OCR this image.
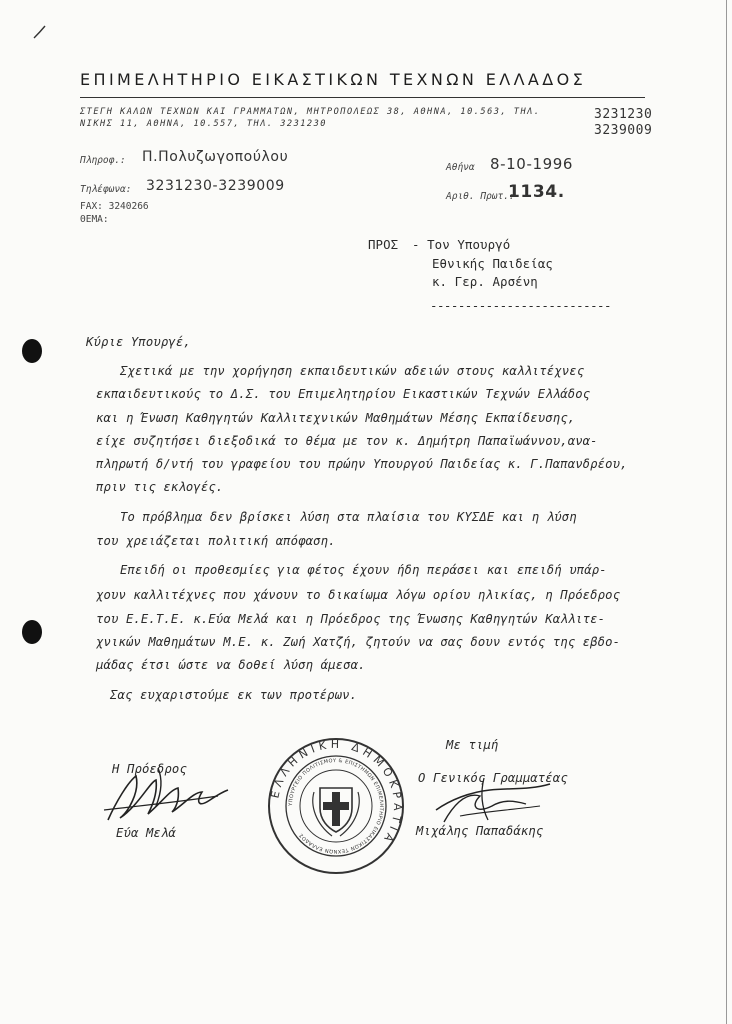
ΕΠΙΜΕΛΗΤΗΡΙΟ ΕΙΚΑΣΤΙΚΩΝ ΤΕΧΝΩΝ ΕΛΛΑΔΟΣ
ΣΤΕΓΗ ΚΑΛΩΝ ΤΕΧΝΩΝ ΚΑΙ ΓΡΑΜΜΑΤΩΝ, ΜΗΤΡΟΠΟΛΕΩΣ 38, ΑΘΗΝΑ, 10.563, ΤΗΛ.
ΝΙΚΗΣ 11, ΑΘΗΝΑ, 10.557, ΤΗΛ. 3231230
3231230
3239009
Πληροφ.: Π.Πολυζωγοπούλου
Αθήνα 8-10-1996
Τηλέφωνα: 3231230-3239009
Αριθ. Πρωτ.:
1134.
FAX: 3240266
ΘΕΜΑ:
ΠΡΟΣ - Τον Υπουργό
Εθνικής Παιδείας
κ. Γερ. Αρσένη
--------------------------
Κύριε Υπουργέ,
Σχετικά με την χορήγηση εκπαιδευτικών αδειών στους καλλιτέχνες
εκπαιδευτικούς το Δ.Σ. του Επιμελητηρίου Εικαστικών Τεχνών Ελλάδος
και η Ένωση Καθηγητών Καλλιτεχνικών Μαθημάτων Μέσης Εκπαίδευσης,
είχε συζητήσει διεξοδικά το θέμα με τον κ. Δημήτρη Παπαϊωάννου,ανα-
πληρωτή δ/ντή του γραφείου του πρώην Υπουργού Παιδείας κ. Γ.Παπανδρέου,
πριν τις εκλογές.
Το πρόβλημα δεν βρίσκει λύση στα πλαίσια του ΚΥΣΔΕ και η λύση
του χρειάζεται πολιτική απόφαση.
Επειδή οι προθεσμίες για φέτος έχουν ήδη περάσει και επειδή υπάρ-
χουν καλλιτέχνες που χάνουν το δικαίωμα λόγω ορίου ηλικίας, η Πρόεδρος
του Ε.Ε.Τ.Ε. κ.Εύα Μελά και η Πρόεδρος της Ένωσης Καθηγητών Καλλιτε-
χνικών Μαθημάτων Μ.Ε. κ. Ζωή Χατζή, ζητούν να σας δουν εντός της εβδο-
μάδας έτσι ώστε να δοθεί λύση άμεσα.
Σας ευχαριστούμε εκ των προτέρων.
Η Πρόεδρος
Εύα Μελά
Με τιμή
Ο Γενικός Γραμματέας
Μιχάλης Παπαδάκης
ΕΛΛΗΝΙΚΗ ΔΗΜΟΚΡΑΤΙΑ
ΥΠΟΥΡΓΕΙΟ ΠΟΛΙΤΙΣΜΟΥ & ΕΠΙΣΤΗΜΩΝ ΕΠΙΜΕΛΗΤΗΡΙΟ ΕΙΚΑΣΤΙΚΩΝ ΤΕΧΝΩΝ ΕΛΛΑΔΟΣ
